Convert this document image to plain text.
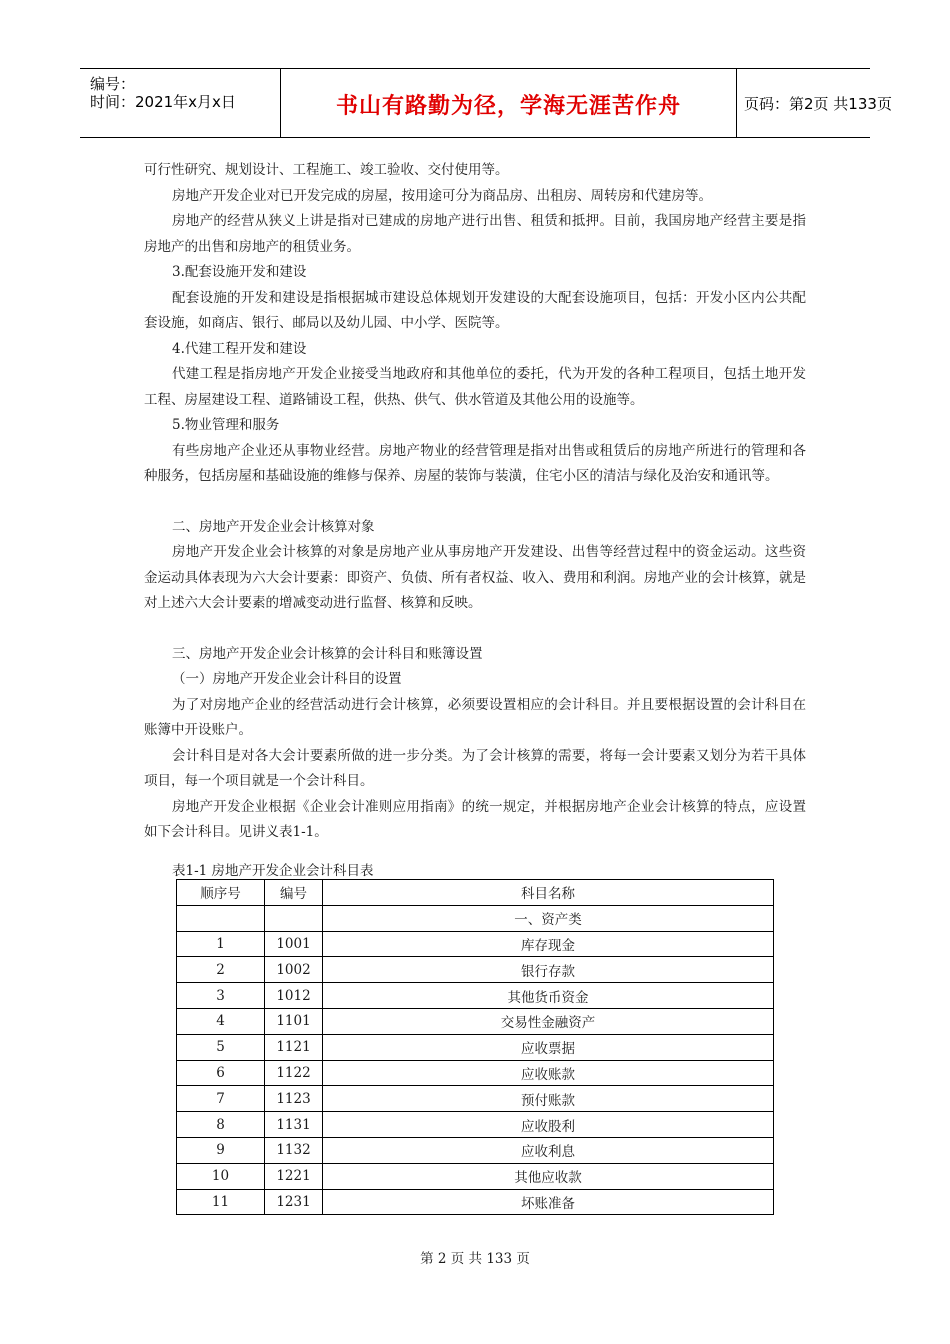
编号：
时间：2021年x月x日	书山有路勤为径，学海无涯苦作舟	页码：第2页 共133页

可行性研究、规划设计、工程施工、竣工验收、交付使用等。

房地产开发企业对已开发完成的房屋，按用途可分为商品房、出租房、周转房和代建房等。

房地产的经营从狭义上讲是指对已建成的房地产进行出售、租赁和抵押。目前，我国房地产经营主要是指房地产的出售和房地产的租赁业务。

3.配套设施开发和建设

配套设施的开发和建设是指根据城市建设总体规划开发建设的大配套设施项目，包括：开发小区内公共配套设施，如商店、银行、邮局以及幼儿园、中小学、医院等。

4.代建工程开发和建设

代建工程是指房地产开发企业接受当地政府和其他单位的委托，代为开发的各种工程项目，包括土地开发工程、房屋建设工程、道路铺设工程，供热、供气、供水管道及其他公用的设施等。

5.物业管理和服务

有些房地产企业还从事物业经营。房地产物业的经营管理是指对出售或租赁后的房地产所进行的管理和各种服务，包括房屋和基础设施的维修与保养、房屋的装饰与装潢，住宅小区的清洁与绿化及治安和通讯等。

二、房地产开发企业会计核算对象

房地产开发企业会计核算的对象是房地产业从事房地产开发建设、出售等经营过程中的资金运动。这些资金运动具体表现为六大会计要素：即资产、负债、所有者权益、收入、费用和利润。房地产业的会计核算，就是对上述六大会计要素的增减变动进行监督、核算和反映。

三、房地产开发企业会计核算的会计科目和账簿设置

（一）房地产开发企业会计科目的设置

为了对房地产企业的经营活动进行会计核算，必须要设置相应的会计科目。并且要根据设置的会计科目在账簿中开设账户。

会计科目是对各大会计要素所做的进一步分类。为了会计核算的需要，将每一会计要素又划分为若干具体项目，每一个项目就是一个会计科目。

房地产开发企业根据《企业会计准则应用指南》的统一规定，并根据房地产企业会计核算的特点，应设置如下会计科目。见讲义表1-1。

表1-1 房地产开发企业会计科目表
顺序号	编号	科目名称
		一、资产类
1	1001	库存现金
2	1002	银行存款
3	1012	其他货币资金
4	1101	交易性金融资产
5	1121	应收票据
6	1122	应收账款
7	1123	预付账款
8	1131	应收股利
9	1132	应收利息
10	1221	其他应收款
11	1231	坏账准备
第 2 页 共 133 页
